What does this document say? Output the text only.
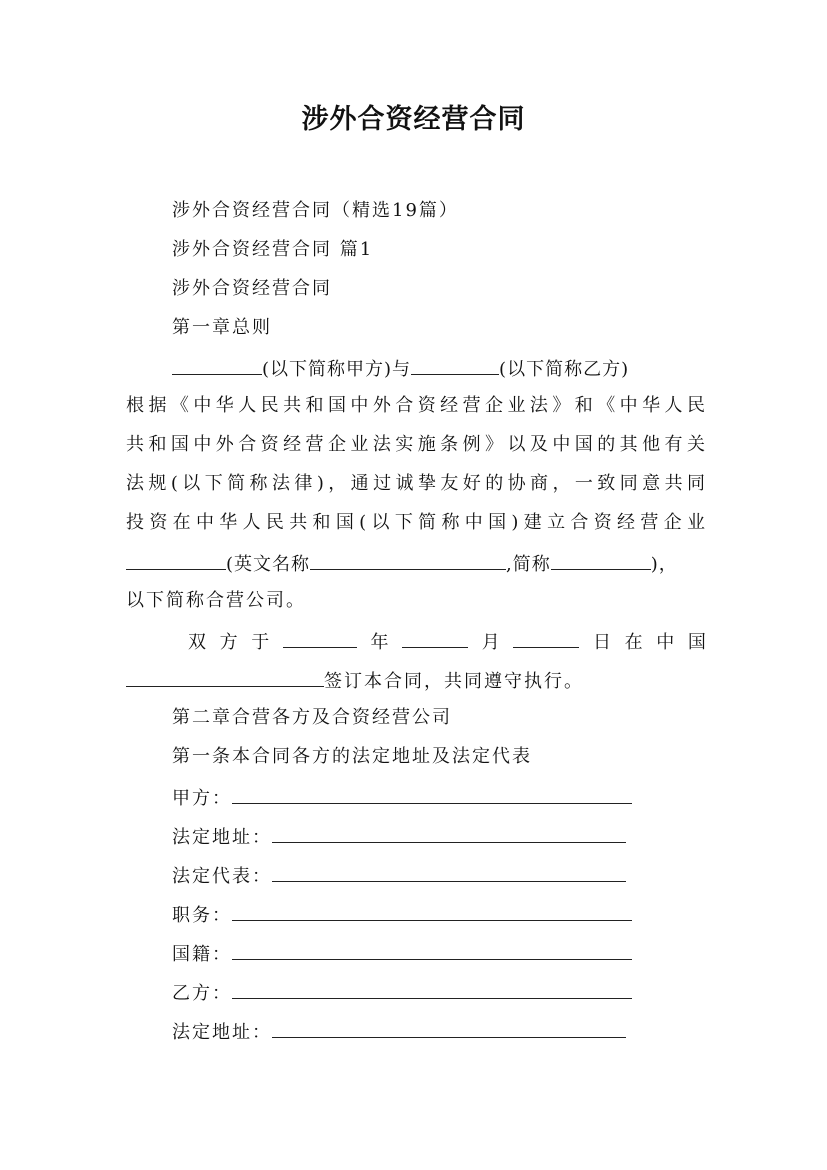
涉外合资经营合同
涉外合资经营合同（精选19篇）
涉外合资经营合同 篇1
涉外合资经营合同
第一章总则
(以下简称甲方)与	(以下简称乙方)
根据《中华人民共和国中外合资经营企业法》和《中华人民
共和国中外合资经营企业法实施条例》以及中国的其他有关
法规(以下简称法律)，通过诚挚友好的协商，一致同意共同
投资在中华人民共和国(以下简称中国)建立合资经营企业
(英文名称	,简称	)，
以下简称合营公司。
双 方 于	年	月	日 在 中 国
签订本合同，共同遵守执行。
第二章合营各方及合资经营公司
第一条本合同各方的法定地址及法定代表
甲方：
法定地址：
法定代表：
职务：
国籍：
乙方：
法定地址：
